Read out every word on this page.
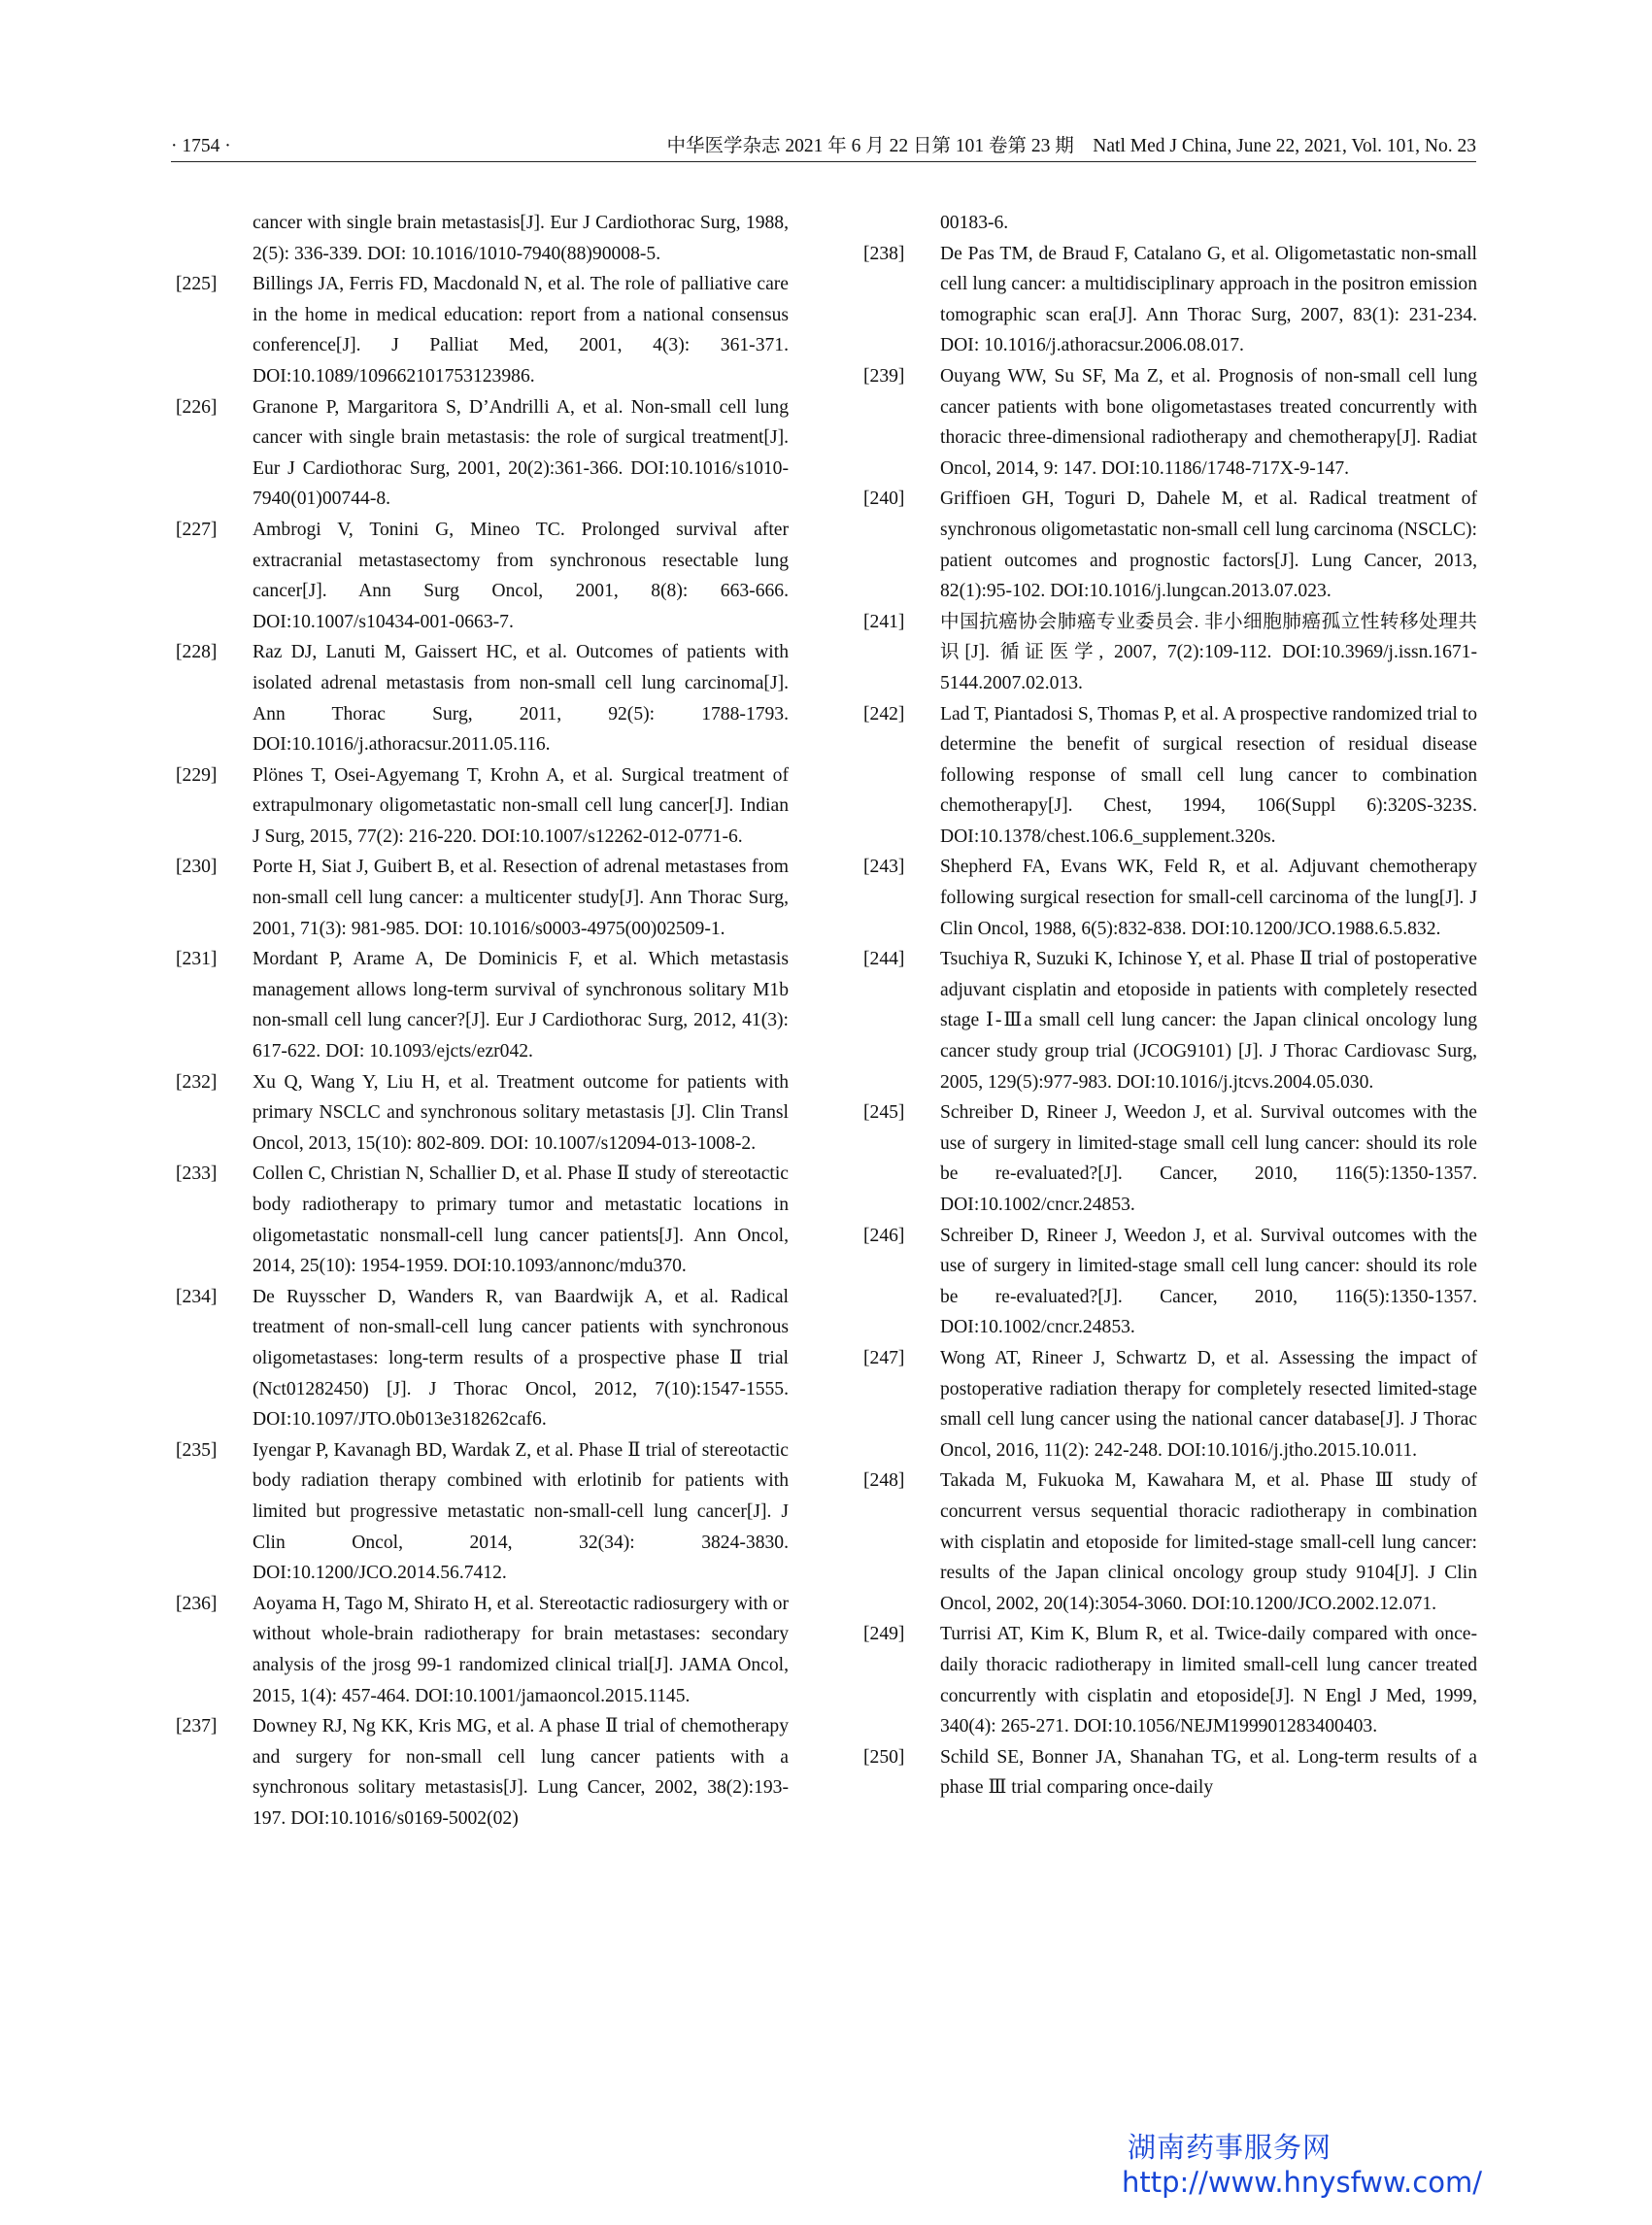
· 1754 ·	中华医学杂志 2021 年 6 月 22 日第 101 卷第 23 期　Natl Med J China, June 22, 2021, Vol. 101, No. 23
cancer with single brain metastasis[J]. Eur J Cardiothorac Surg, 1988, 2(5): 336-339. DOI: 10.1016/1010-7940(88)90008-5.
[225] Billings JA, Ferris FD, Macdonald N, et al. The role of palliative care in the home in medical education: report from a national consensus conference[J]. J Palliat Med, 2001, 4(3): 361-371. DOI:10.1089/109662101753123986.
[226] Granone P, Margaritora S, D’Andrilli A, et al. Non-small cell lung cancer with single brain metastasis: the role of surgical treatment[J]. Eur J Cardiothorac Surg, 2001, 20(2):361-366. DOI:10.1016/s1010-7940(01)00744-8.
[227] Ambrogi V, Tonini G, Mineo TC. Prolonged survival after extracranial metastasectomy from synchronous resectable lung cancer[J]. Ann Surg Oncol, 2001, 8(8): 663-666. DOI:10.1007/s10434-001-0663-7.
[228] Raz DJ, Lanuti M, Gaissert HC, et al. Outcomes of patients with isolated adrenal metastasis from non-small cell lung carcinoma[J]. Ann Thorac Surg, 2011, 92(5): 1788-1793. DOI:10.1016/j.athoracsur.2011.05.116.
[229] Plönes T, Osei-Agyemang T, Krohn A, et al. Surgical treatment of extrapulmonary oligometastatic non-small cell lung cancer[J]. Indian J Surg, 2015, 77(2): 216-220. DOI:10.1007/s12262-012-0771-6.
[230] Porte H, Siat J, Guibert B, et al. Resection of adrenal metastases from non-small cell lung cancer: a multicenter study[J]. Ann Thorac Surg, 2001, 71(3): 981-985. DOI: 10.1016/s0003-4975(00)02509-1.
[231] Mordant P, Arame A, De Dominicis F, et al. Which metastasis management allows long-term survival of synchronous solitary M1b non-small cell lung cancer?[J]. Eur J Cardiothorac Surg, 2012, 41(3): 617-622. DOI: 10.1093/ejcts/ezr042.
[232] Xu Q, Wang Y, Liu H, et al. Treatment outcome for patients with primary NSCLC and synchronous solitary metastasis [J]. Clin Transl Oncol, 2013, 15(10): 802-809. DOI: 10.1007/s12094-013-1008-2.
[233] Collen C, Christian N, Schallier D, et al. Phase Ⅱ study of stereotactic body radiotherapy to primary tumor and metastatic locations in oligometastatic nonsmall-cell lung cancer patients[J]. Ann Oncol, 2014, 25(10): 1954-1959. DOI:10.1093/annonc/mdu370.
[234] De Ruysscher D, Wanders R, van Baardwijk A, et al. Radical treatment of non-small-cell lung cancer patients with synchronous oligometastases: long-term results of a prospective phase Ⅱ trial (Nct01282450) [J]. J Thorac Oncol, 2012, 7(10):1547-1555. DOI:10.1097/JTO.0b013e318262caf6.
[235] Iyengar P, Kavanagh BD, Wardak Z, et al. Phase Ⅱ trial of stereotactic body radiation therapy combined with erlotinib for patients with limited but progressive metastatic non-small-cell lung cancer[J]. J Clin Oncol, 2014, 32(34): 3824-3830. DOI:10.1200/JCO.2014.56.7412.
[236] Aoyama H, Tago M, Shirato H, et al. Stereotactic radiosurgery with or without whole-brain radiotherapy for brain metastases: secondary analysis of the jrosg 99-1 randomized clinical trial[J]. JAMA Oncol, 2015, 1(4): 457-464. DOI:10.1001/jamaoncol.2015.1145.
[237] Downey RJ, Ng KK, Kris MG, et al. A phase Ⅱ trial of chemotherapy and surgery for non-small cell lung cancer patients with a synchronous solitary metastasis[J]. Lung Cancer, 2002, 38(2):193-197. DOI:10.1016/s0169-5002(02)
00183-6.
[238] De Pas TM, de Braud F, Catalano G, et al. Oligometastatic non-small cell lung cancer: a multidisciplinary approach in the positron emission tomographic scan era[J]. Ann Thorac Surg, 2007, 83(1): 231-234. DOI: 10.1016/j.athoracsur.2006.08.017.
[239] Ouyang WW, Su SF, Ma Z, et al. Prognosis of non-small cell lung cancer patients with bone oligometastases treated concurrently with thoracic three-dimensional radiotherapy and chemotherapy[J]. Radiat Oncol, 2014, 9: 147. DOI:10.1186/1748-717X-9-147.
[240] Griffioen GH, Toguri D, Dahele M, et al. Radical treatment of synchronous oligometastatic non-small cell lung carcinoma (NSCLC): patient outcomes and prognostic factors[J]. Lung Cancer, 2013, 82(1):95-102. DOI:10.1016/j.lungcan.2013.07.023.
[241] 中国抗癌协会肺癌专业委员会. 非小细胞肺癌孤立性转移处理共识[J]. 循证医学, 2007, 7(2):109-112. DOI:10.3969/j.issn.1671-5144.2007.02.013.
[242] Lad T, Piantadosi S, Thomas P, et al. A prospective randomized trial to determine the benefit of surgical resection of residual disease following response of small cell lung cancer to combination chemotherapy[J]. Chest, 1994, 106(Suppl 6):320S-323S. DOI:10.1378/chest.106.6_supplement.320s.
[243] Shepherd FA, Evans WK, Feld R, et al. Adjuvant chemotherapy following surgical resection for small-cell carcinoma of the lung[J]. J Clin Oncol, 1988, 6(5):832-838. DOI:10.1200/JCO.1988.6.5.832.
[244] Tsuchiya R, Suzuki K, Ichinose Y, et al. Phase Ⅱ trial of postoperative adjuvant cisplatin and etoposide in patients with completely resected stage Ⅰ-Ⅲa small cell lung cancer: the Japan clinical oncology lung cancer study group trial (JCOG9101) [J]. J Thorac Cardiovasc Surg, 2005, 129(5):977-983. DOI:10.1016/j.jtcvs.2004.05.030.
[245] Schreiber D, Rineer J, Weedon J, et al. Survival outcomes with the use of surgery in limited-stage small cell lung cancer: should its role be re-evaluated?[J]. Cancer, 2010, 116(5):1350-1357. DOI:10.1002/cncr.24853.
[246] Schreiber D, Rineer J, Weedon J, et al. Survival outcomes with the use of surgery in limited-stage small cell lung cancer: should its role be re-evaluated?[J]. Cancer, 2010, 116(5):1350-1357. DOI:10.1002/cncr.24853.
[247] Wong AT, Rineer J, Schwartz D, et al. Assessing the impact of postoperative radiation therapy for completely resected limited-stage small cell lung cancer using the national cancer database[J]. J Thorac Oncol, 2016, 11(2): 242-248. DOI:10.1016/j.jtho.2015.10.011.
[248] Takada M, Fukuoka M, Kawahara M, et al. Phase Ⅲ study of concurrent versus sequential thoracic radiotherapy in combination with cisplatin and etoposide for limited-stage small-cell lung cancer: results of the Japan clinical oncology group study 9104[J]. J Clin Oncol, 2002, 20(14):3054-3060. DOI:10.1200/JCO.2002.12.071.
[249] Turrisi AT, Kim K, Blum R, et al. Twice-daily compared with once-daily thoracic radiotherapy in limited small-cell lung cancer treated concurrently with cisplatin and etoposide[J]. N Engl J Med, 1999, 340(4): 265-271. DOI:10.1056/NEJM199901283400403.
[250] Schild SE, Bonner JA, Shanahan TG, et al. Long-term results of a phase Ⅲ trial comparing once-daily
湖南药事服务网
http://www.hnysfww.com/
